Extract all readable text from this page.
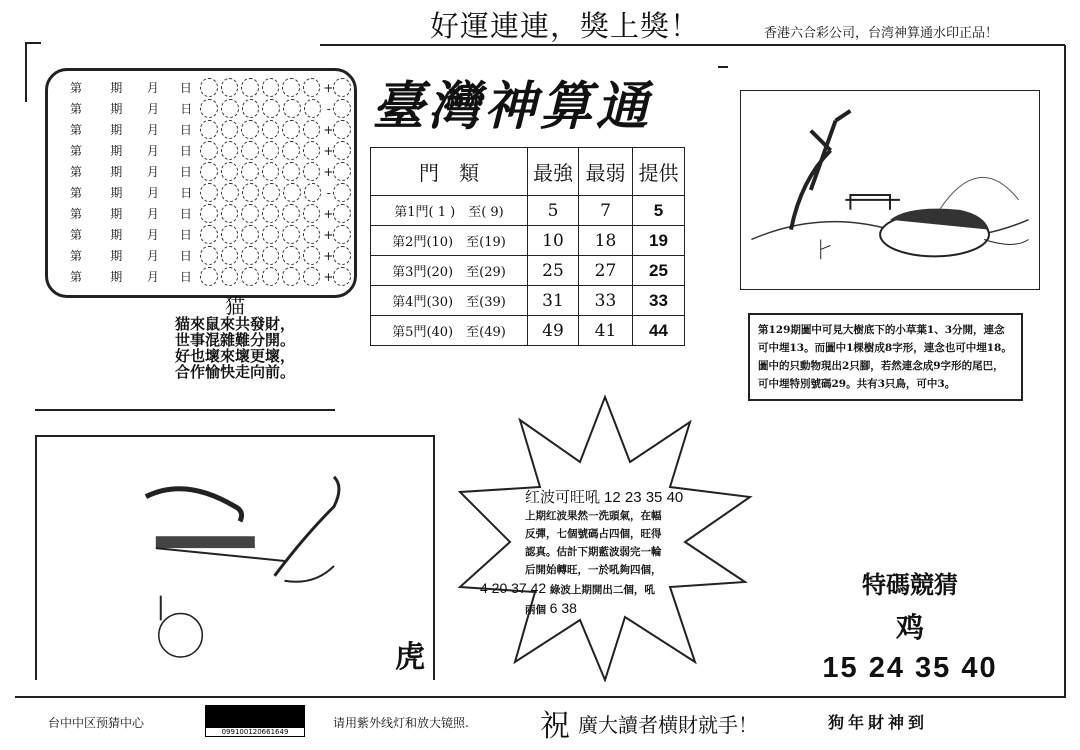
好運連連，獎上獎！	香港六合彩公司，台湾神算通水印正品！
第	期	月	日	+
第	期	月	日	-
第	期	月	日	+
第	期	月	日	+
第	期	月	日	+
第	期	月	日	-
第	期	月	日	+
第	期	月	日	+
第	期	月	日	+
第	期	月	日	+
臺灣神算通
門　類	最強	最弱	提供
第1門( 1 )　至( 9)	5	7	5
第2門(10)　至(19)	10	18	19
第3門(20)　至(29)	25	27	25
第4門(30)　至(39)	31	33	33
第5門(40)　至(49)	49	41	44	第129期圖中可見大樹底下的小草葉1、3分開，連念可中埋13。而圖中1棵樹成8字形，連念也可中埋18。圖中的只動物現出2只腳，若然連念成9字形的尾巴，可中埋特別號碼29。共有3只鳥，可中3。
猫
猫來鼠來共發財，
世事混雜難分開。
好也壞來壞更壞，
合作愉快走向前。
虎
红波可旺吼 12 23 35 40
上期红波果然一洗頭氣，在幅
反彈，七個號碼占四個，旺得
認真。估計下期藍波弱完一輪
后開始轉旺，一於吼夠四個，
4 20 37 42 綠波上期開出二個，吼
兩個 6 38
特碼競猜
鸡
15 24 35 40
台中中区预猜中心
099100120661649
请用紫外线灯和放大镜照. 祝 廣大讀者横財就手！	狗年財神到
